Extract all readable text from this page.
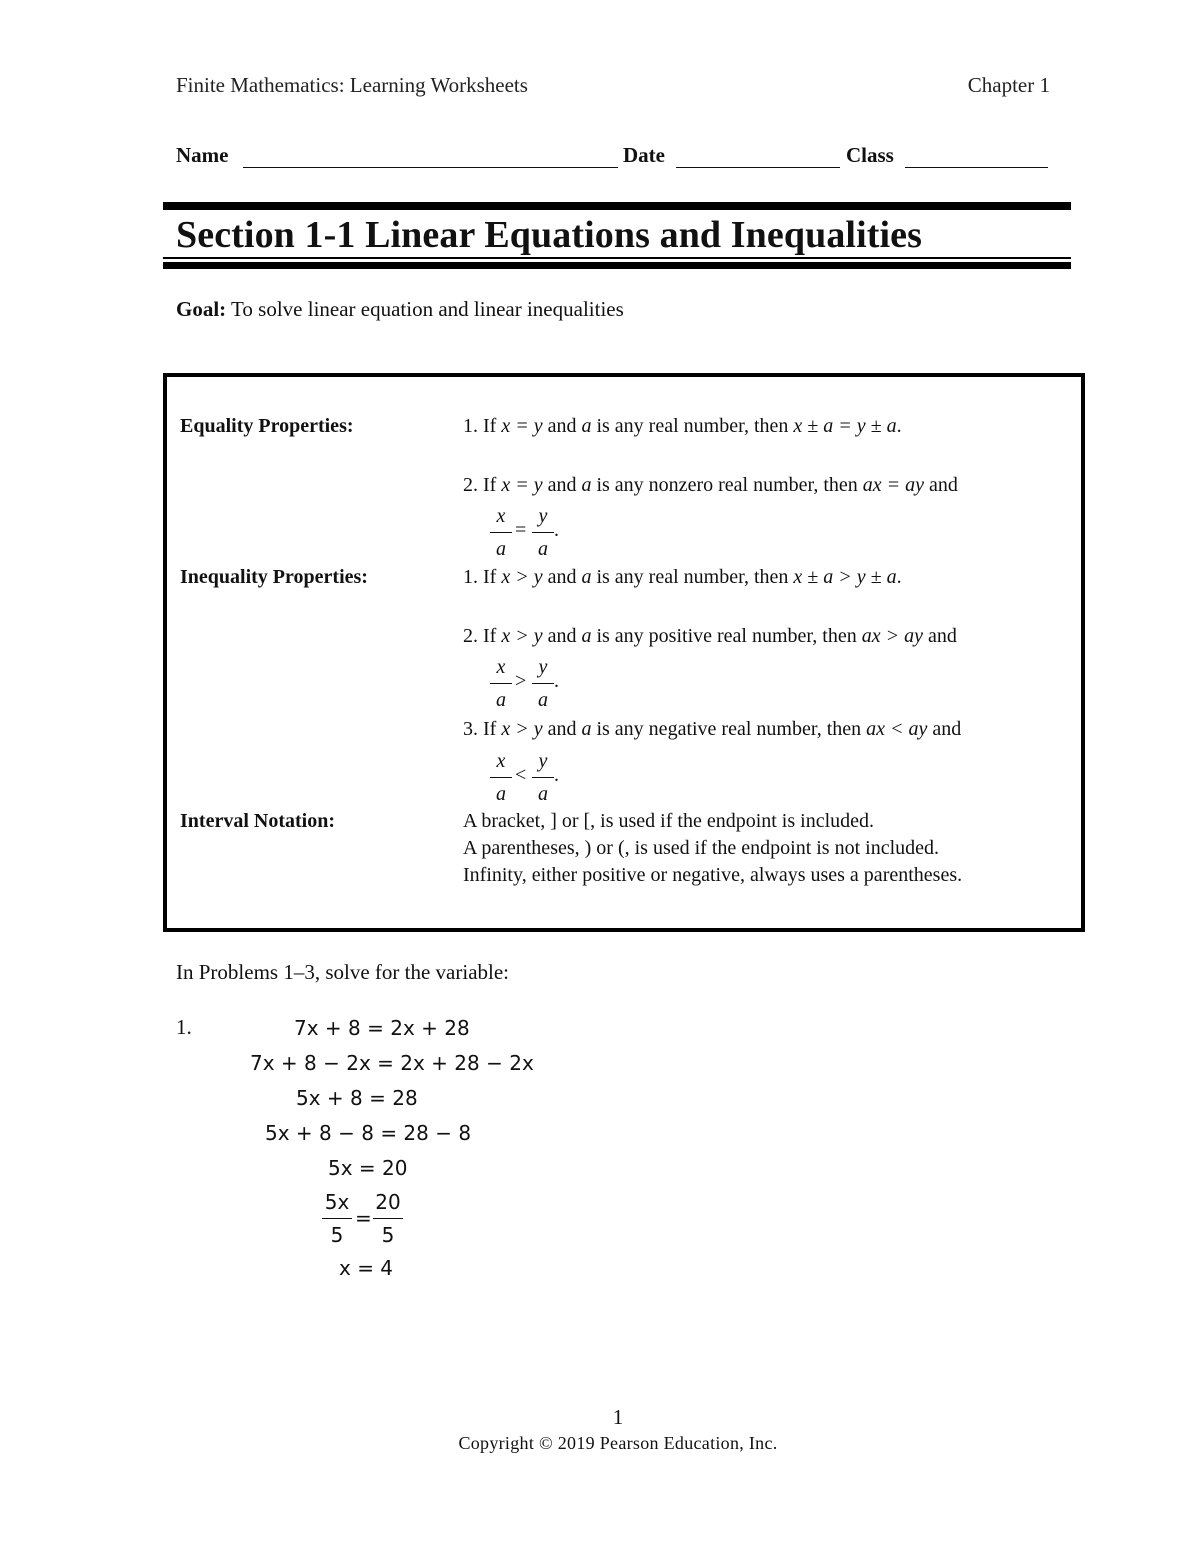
Finite Mathematics: Learning Worksheets	Chapter 1
Name	Date	Class
Section 1-1 Linear Equations and Inequalities
Goal: To solve linear equation and linear inequalities
Equality Properties:	1. If x = y and a is any real number, then x ± a = y ± a.
2. If x = y and a is any nonzero real number, then ax = ay and
x
a
=
y
a
.
Inequality Properties:	1. If x > y and a is any real number, then x ± a > y ± a.
2. If x > y and a is any positive real number, then ax > ay and
x
a
>
y
a
.
3. If x > y and a is any negative real number, then ax < ay and
x
a
<
y
a
.
Interval Notation:	A bracket, ] or [, is used if the endpoint is included.
A parentheses, ) or (, is used if the endpoint is not included.
Infinity, either positive or negative, always uses a parentheses.
In Problems 1–3, solve for the variable:
1.	7x + 8 = 2x + 28
7x + 8 − 2x = 2x + 28 − 2x
5x + 8 = 28
5x + 8 − 8 = 28 − 8
5x = 20
5x
5
=
20
5
x = 4
1
Copyright © 2019 Pearson Education, Inc.
